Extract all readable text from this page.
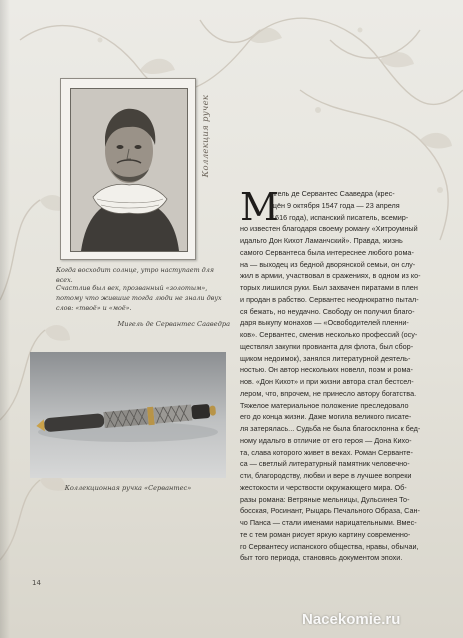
Коллекция ручек
Когда восходит солнце, утро наступает для всех.
Счастлив был век, прозванный «золотым», потому что жившие тогда люди не знали двух слов: «твоё» и «моё».
Мигель де Сервантес Сааведра
Коллекционная ручка «Сервантес»
М
игель де Сервантес Сааведра (крес-
щён 9 октября 1547 года — 23 апреля
1616 года), испанский писатель, всемир-
но известен благодаря своему роману «Хитроумный
идальго Дон Кихот Ламанчский». Правда, жизнь
самого Сервантеса была интереснее любого рома-
на — выходец из бедной дворянской семьи, он слу-
жил в армии, участвовал в сражениях, в одном из ко-
торых лишился руки. Был захвачен пиратами в плен
и продан в рабство. Сервантес неоднократно пытал-
ся бежать, но неудачно. Свободу он получил благо-
даря выкупу монахов — «Освободителей пленни-
ков». Сервантес, сменив несколько профессий (осу-
ществлял закупки провианта для флота, был сбор-
щиком недоимок), занялся литературной деятель-
ностью. Он автор нескольких новелл, поэм и рома-
нов. «Дон Кихот» и при жизни автора стал бестсел-
лером, что, впрочем, не принесло автору богатства.
Тяжелое материальное положение преследовало
его до конца жизни. Даже могила великого писате-
ля затерялась... Судьба не была благосклонна к бед-
ному идальго в отличие от его героя — Дона Кихо-
та, слава которого живет в веках. Роман Серванте-
са — светлый литературный памятник человечно-
сти, благородству, любви и вере в лучшее вопреки
жестокости и черствости окружающего мира. Об-
разы романа: Ветряные мельницы, Дульсинея То-
босская, Росинант, Рыцарь Печального Образа, Сан-
чо Панса — стали именами нарицательными. Вмес-
те с тем роман рисует яркую картину современно-
го Сервантесу испанского общества, нравы, обычаи,
быт того периода, становясь документом эпохи.
14
Nacekomie.ru
